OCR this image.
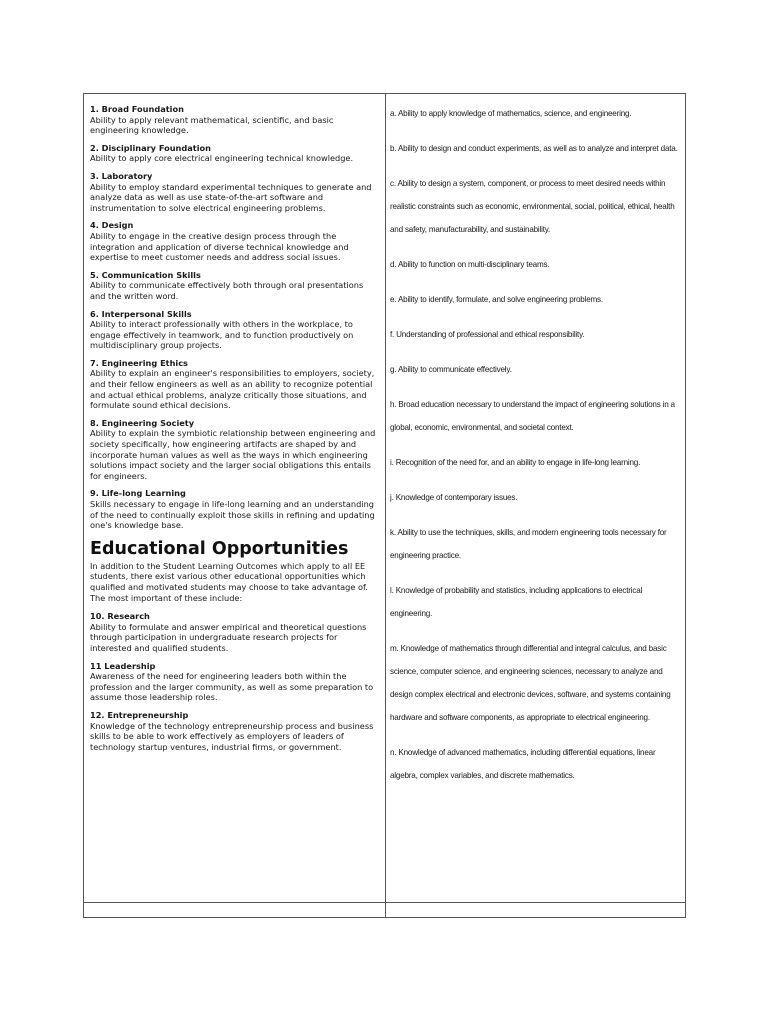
1. Broad Foundation

Ability to apply relevant mathematical, scientific, and basic engineering knowledge.

2. Disciplinary Foundation

Ability to apply core electrical engineering technical knowledge.

3. Laboratory

Ability to employ standard experimental techniques to generate and analyze data as well as use state-of-the-art software and instrumentation to solve electrical engineering problems.

4. Design

Ability to engage in the creative design process through the integration and application of diverse technical knowledge and expertise to meet customer needs and address social issues.

5. Communication Skills

Ability to communicate effectively both through oral presentations and the written word.

6. Interpersonal Skills

Ability to interact professionally with others in the workplace, to engage effectively in teamwork, and to function productively on multidisciplinary group projects.

7. Engineering Ethics

Ability to explain an engineer's responsibilities to employers, society, and their fellow engineers as well as an ability to recognize potential and actual ethical problems, analyze critically those situations, and formulate sound ethical decisions.

8. Engineering Society

Ability to explain the symbiotic relationship between engineering and society specifically, how engineering artifacts are shaped by and incorporate human values as well as the ways in which engineering solutions impact society and the larger social obligations this entails for engineers.

9. Life-long Learning

Skills necessary to engage in life-long learning and an understanding of the need to continually exploit those skills in refining and updating one's knowledge base.

Educational Opportunities

In addition to the Student Learning Outcomes which apply to all EE students, there exist various other educational opportunities which qualified and motivated students may choose to take advantage of. The most important of these include:

10. Research

Ability to formulate and answer empirical and theoretical questions through participation in undergraduate research projects for interested and qualified students.

11 Leadership

Awareness of the need for engineering leaders both within the profession and the larger community, as well as some preparation to assume those leadership roles.

12. Entrepreneurship

Knowledge of the technology entrepreneurship process and business skills to be able to work effectively as employers of leaders of technology startup ventures, industrial firms, or government.

a. Ability to apply knowledge of mathematics, science, and engineering.

b. Ability to design and conduct experiments, as well as to analyze and interpret data.

c. Ability to design a system, component, or process to meet desired needs within realistic constraints such as economic, environmental, social, political, ethical, health and safety, manufacturability, and sustainability.

d. Ability to function on multi-disciplinary teams.

e. Ability to identify, formulate, and solve engineering problems.

f. Understanding of professional and ethical responsibility.

g. Ability to communicate effectively.

h. Broad education necessary to understand the impact of engineering solutions in a global, economic, environmental, and societal context.

i. Recognition of the need for, and an ability to engage in life-long learning.

j. Knowledge of contemporary issues.

k. Ability to use the techniques, skills, and modern engineering tools necessary for engineering practice.

l. Knowledge of probability and statistics, including applications to electrical engineering.

m. Knowledge of mathematics through differential and integral calculus, and basic science, computer science, and engineering sciences, necessary to analyze and design complex electrical and electronic devices, software, and systems containing hardware and software components, as appropriate to electrical engineering.

n. Knowledge of advanced mathematics, including differential equations, linear algebra, complex variables, and discrete mathematics.
